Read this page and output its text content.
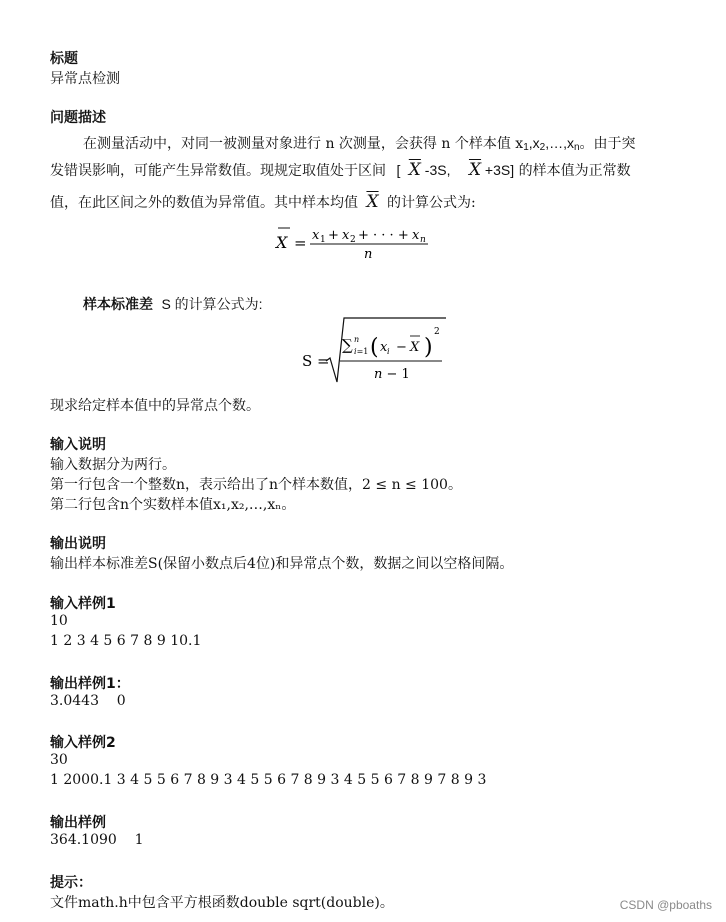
标题
异常点检测
问题描述
在测量活动中，对同一被测量对象进行 n 次测量，会获得 n 个样本值 x1,x2,…,xn。由于突
发错误影响，可能产生异常数值。现规定取值处于区间 [ $\overline{X}$ -3S, $\overline{X} +3S$] 的样本值为正常数
值，在此区间之外的数值为异常值。其中样本均值 $\overline{X}$ 的计算公式为:
X = x 1 + x 2 + · · · + x n
n
样本标准差 S 的计算公式为:
S =
∑ n
i=1 ( x i − X )
2
n − 1
现求给定样本值中的异常点个数。
输入说明
输入数据分为两行。
第一行包含一个整数n，表示给出了n个样本数值，2 ≤ n ≤ 100。
第二行包含n个实数样本值x₁,x₂,…,xₙ。
输出说明
输出样本标准差S(保留小数点后4位)和异常点个数，数据之间以空格间隔。
输入样例1
10
1 2 3 4 5 6 7 8 9 10.1
输出样例1：
3.0443    0
输入样例2
30
1 2000.1 3 4 5 5 6 7 8 9 3 4 5 5 6 7 8 9 3 4 5 5 6 7 8 9 7 8 9 3
输出样例
364.1090    1
提示：
文件math.h中包含平方根函数double sqrt(double)。	CSDN @pboaths
